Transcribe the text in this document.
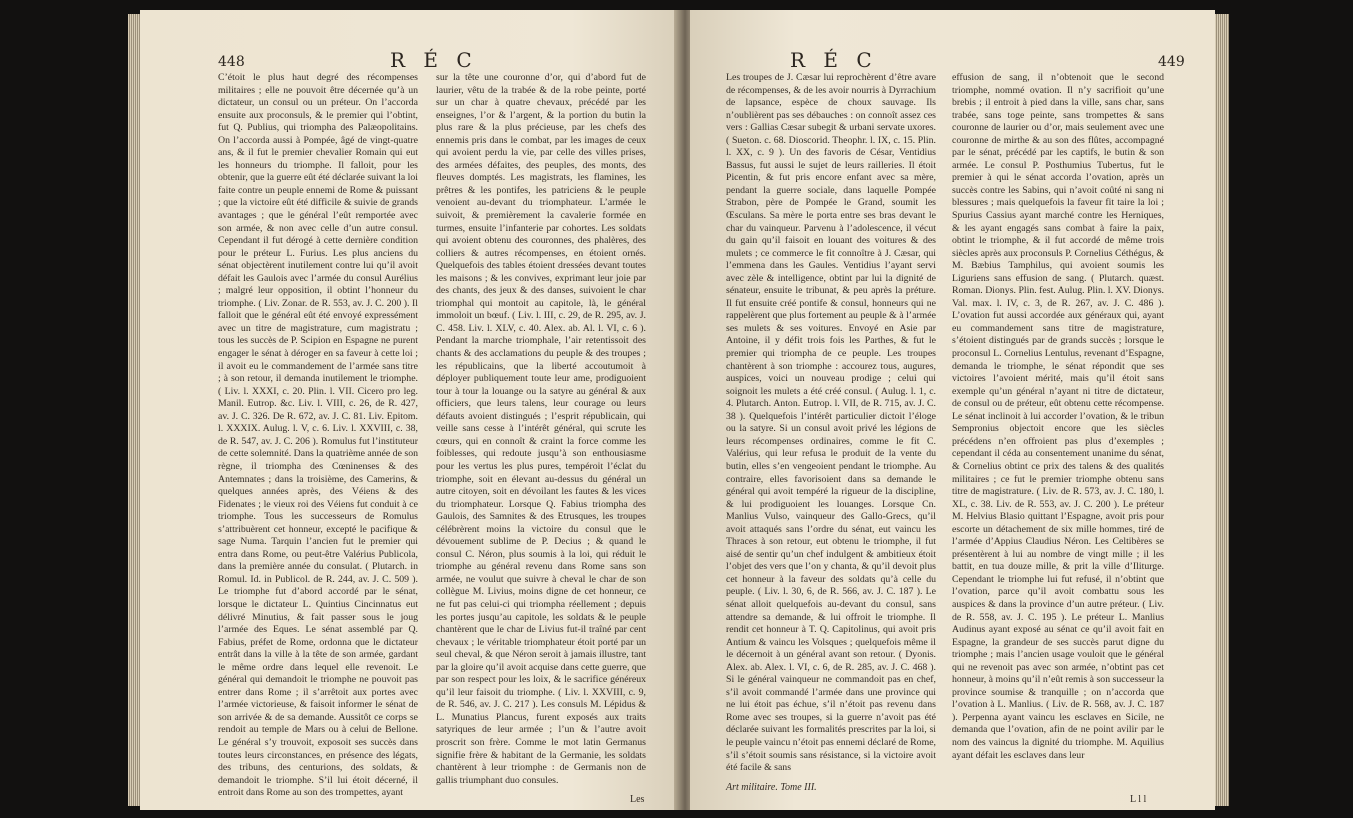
448	R É C

C’étoit le plus haut degré des récompenses militaires ; elle ne pouvoit être décernée qu’à un dictateur, un consul ou un préteur. On l’accorda ensuite aux proconsuls, & le premier qui l’obtint, fut Q. Publius, qui triompha des Palæopolitains. On l’accorda aussi à Pompée, âgé de vingt-quatre ans, & il fut le premier chevalier Romain qui eut les honneurs du triomphe. Il falloit, pour les obtenir, que la guerre eût été déclarée suivant la loi faite contre un peuple ennemi de Rome & puissant ; que la victoire eût été difficile & suivie de grands avantages ; que le général l’eût remportée avec son armée, & non avec celle d’un autre consul. Cependant il fut dérogé à cette dernière condition pour le préteur L. Furius. Les plus anciens du sénat objectèrent inutilement contre lui qu’il avoit défait les Gaulois avec l’armée du consul Aurélius ; malgré leur opposition, il obtint l’honneur du triomphe. ( Liv. Zonar. de R. 553, av. J. C. 200 ). Il falloit que le général eût été envoyé expressément avec un titre de magistrature, cum magistratu ; tous les succès de P. Scipion en Espagne ne purent engager le sénat à déroger en sa faveur à cette loi ; il avoit eu le commandement de l’armée sans titre ; à son retour, il demanda inutilement le triomphe. ( Liv. l. XXXI, c. 20. Plin. l. VII. Cicero pro leg. Manil. Eutrop. &c. Liv. l. VIII, c. 26, de R. 427, av. J. C. 326. De R. 672, av. J. C. 81. Liv. Epitom. l. XXXIX. Aulug. l. V, c. 6. Liv. l. XXVIII, c. 38, de R. 547, av. J. C. 206 ). Romulus fut l’instituteur de cette solemnité. Dans la quatrième année de son règne, il triompha des Cœninenses & des Antemnates ; dans la troisième, des Camerins, & quelques années après, des Véiens & des Fidenates ; le vieux roi des Véiens fut conduit à ce triomphe. Tous les successeurs de Romulus s’attribuèrent cet honneur, excepté le pacifique & sage Numa. Tarquin l’ancien fut le premier qui entra dans Rome, ou peut-être Valérius Publicola, dans la première année du consulat. ( Plutarch. in Romul. Id. in Publicol. de R. 244, av. J. C. 509 ). Le triomphe fut d’abord accordé par le sénat, lorsque le dictateur L. Quintius Cincinnatus eut délivré Minutius, & fait passer sous le joug l’armée des Eques. Le sénat assemblé par Q. Fabius, préfet de Rome, ordonna que le dictateur entrât dans la ville à la tête de son armée, gardant le même ordre dans lequel elle revenoit. Le général qui demandoit le triomphe ne pouvoit pas entrer dans Rome ; il s’arrêtoit aux portes avec l’armée victorieuse, & faisoit informer le sénat de son arrivée & de sa demande. Aussitôt ce corps se rendoit au temple de Mars ou à celui de Bellone. Le général s’y trouvoit, exposoit ses succès dans toutes leurs circonstances, en présence des légats, des tribuns, des centurions, des soldats, & demandoit le triomphe. S’il lui étoit décerné, il entroit dans Rome au son des trompettes, ayant

sur la tête une couronne d’or, qui d’abord fut de laurier, vêtu de la trabée & de la robe peinte, porté sur un char à quatre chevaux, précédé par les enseignes, l’or & l’argent, & la portion du butin la plus rare & la plus précieuse, par les chefs des ennemis pris dans le combat, par les images de ceux qui avoient perdu la vie, par celle des villes prises, des armées défaites, des peuples, des monts, des fleuves domptés. Les magistrats, les flamines, les prêtres & les pontifes, les patriciens & le peuple venoient au-devant du triomphateur. L’armée le suivoit, & premièrement la cavalerie formée en turmes, ensuite l’infanterie par cohortes. Les soldats qui avoient obtenu des couronnes, des phalères, des colliers & autres récompenses, en étoient ornés. Quelquefois des tables étoient dressées devant toutes les maisons ; & les convives, exprimant leur joie par des chants, des jeux & des danses, suivoient le char triomphal qui montoit au capitole, là, le général immoloit un bœuf. ( Liv. l. III, c. 29, de R. 295, av. J. C. 458. Liv. l. XLV, c. 40. Alex. ab. Al. l. VI, c. 6 ). Pendant la marche triomphale, l’air retentissoit des chants & des acclamations du peuple & des troupes ; les républicains, que la liberté accoutumoit à déployer publiquement toute leur ame, prodiguoient tour à tour la louange ou la satyre au général & aux officiers, que leurs talens, leur courage ou leurs défauts avoient distingués ; l’esprit républicain, qui veille sans cesse à l’intérêt général, qui scrute les cœurs, qui en connoît & craint la force comme les foiblesses, qui redoute jusqu’à son enthousiasme pour les vertus les plus pures, tempéroit l’éclat du triomphe, soit en élevant au-dessus du général un autre citoyen, soit en dévoilant les fautes & les vices du triomphateur. Lorsque Q. Fabius triompha des Gaulois, des Samnites & des Etrusques, les troupes célébrèrent moins la victoire du consul que le dévouement sublime de P. Decius ; & quand le consul C. Néron, plus soumis à la loi, qui réduit le triomphe au général revenu dans Rome sans son armée, ne voulut que suivre à cheval le char de son collègue M. Livius, moins digne de cet honneur, ce ne fut pas celui-ci qui triompha réellement ; depuis les portes jusqu’au capitole, les soldats & le peuple chantèrent que le char de Livius fut-il traîné par cent chevaux ; le véritable triomphateur étoit porté par un seul cheval, & que Néron seroit à jamais illustre, tant par la gloire qu’il avoit acquise dans cette guerre, que par son respect pour les loix, & le sacrifice généreux qu’il leur faisoit du triomphe. ( Liv. l. XXVIII, c. 9, de R. 546, av. J. C. 217 ). Les consuls M. Lépidus & L. Munatius Plancus, furent exposés aux traits satyriques de leur armée ; l’un & l’autre avoit proscrit son frère. Comme le mot latin Germanus signifie frère & habitant de la Germanie, les soldats chantèrent à leur triomphe : de Germanis non de gallis triumphant duo consules.

Les
R É C	449

Les troupes de J. Cæsar lui reprochèrent d’être avare de récompenses, & de les avoir nourris à Dyrrachium de lapsance, espèce de choux sauvage. Ils n’oublièrent pas ses débauches : on connoît assez ces vers : Gallias Cæsar subegit & urbani servate uxores. ( Sueton. c. 68. Dioscorid. Theophr. l. IX, c. 15. Plin. l. XX, c. 9 ). Un des favoris de César, Ventidius Bassus, fut aussi le sujet de leurs railleries. Il étoit Picentin, & fut pris encore enfant avec sa mère, pendant la guerre sociale, dans laquelle Pompée Strabon, père de Pompée le Grand, soumit les Œsculans. Sa mère le porta entre ses bras devant le char du vainqueur. Parvenu à l’adolescence, il vécut du gain qu’il faisoit en louant des voitures & des mulets ; ce commerce le fit connoître à J. Cæsar, qui l’emmena dans les Gaules. Ventidius l’ayant servi avec zèle & intelligence, obtint par lui la dignité de sénateur, ensuite le tribunat, & peu après la préture. Il fut ensuite créé pontife & consul, honneurs qui ne rappelèrent que plus fortement au peuple & à l’armée ses mulets & ses voitures. Envoyé en Asie par Antoine, il y défit trois fois les Parthes, & fut le premier qui triompha de ce peuple. Les troupes chantèrent à son triomphe : accourez tous, augures, auspices, voici un nouveau prodige ; celui qui soignoit les mulets a été créé consul. ( Aulug. l. 1, c. 4. Plutarch. Anton. Eutrop. l. VII, de R. 715, av. J. C. 38 ). Quelquefois l’intérêt particulier dictoit l’éloge ou la satyre. Si un consul avoit privé les légions de leurs récompenses ordinaires, comme le fit C. Valérius, qui leur refusa le produit de la vente du butin, elles s’en vengeoient pendant le triomphe. Au contraire, elles favorisoient dans sa demande le général qui avoit tempéré la rigueur de la discipline, & lui prodiguoient les louanges. Lorsque Cn. Manlius Vulso, vainqueur des Gallo-Grecs, qu’il avoit attaqués sans l’ordre du sénat, eut vaincu les Thraces à son retour, eut obtenu le triomphe, il fut aisé de sentir qu’un chef indulgent & ambitieux étoit l’objet des vers que l’on y chanta, & qu’il devoit plus cet honneur à la faveur des soldats qu’à celle du peuple. ( Liv. l. 30, 6, de R. 566, av. J. C. 187 ). Le sénat alloit quelquefois au-devant du consul, sans attendre sa demande, & lui offroit le triomphe. Il rendit cet honneur à T. Q. Capitolinus, qui avoit pris Antium & vaincu les Volsques ; quelquefois même il le décernoit à un général avant son retour. ( Dyonis. Alex. ab. Alex. l. VI, c. 6, de R. 285, av. J. C. 468 ). Si le général vainqueur ne commandoit pas en chef, s’il avoit commandé l’armée dans une province qui ne lui étoit pas échue, s’il n’étoit pas revenu dans Rome avec ses troupes, si la guerre n’avoit pas été déclarée suivant les formalités prescrites par la loi, si le peuple vaincu n’étoit pas ennemi déclaré de Rome, s’il s’étoit soumis sans résistance, si la victoire avoit été facile & sans

effusion de sang, il n’obtenoit que le second triomphe, nommé ovation. Il n’y sacrifioit qu’une brebis ; il entroit à pied dans la ville, sans char, sans trabée, sans toge peinte, sans trompettes & sans couronne de laurier ou d’or, mais seulement avec une couronne de mirthe & au son des flûtes, accompagné par le sénat, précédé par les captifs, le butin & son armée. Le consul P. Posthumius Tubertus, fut le premier à qui le sénat accorda l’ovation, après un succès contre les Sabins, qui n’avoit coûté ni sang ni blessures ; mais quelquefois la faveur fit taire la loi ; Spurius Cassius ayant marché contre les Herniques, & les ayant engagés sans combat à faire la paix, obtint le triomphe, & il fut accordé de même trois siècles après aux proconsuls P. Cornelius Céthégus, & M. Bæbius Tamphilus, qui avoient soumis les Liguriens sans effusion de sang. ( Plutarch. quæst. Roman. Dionys. Plin. fest. Aulug. Plin. l. XV. Dionys. Val. max. l. IV, c. 3, de R. 267, av. J. C. 486 ). L’ovation fut aussi accordée aux généraux qui, ayant eu commandement sans titre de magistrature, s’étoient distingués par de grands succès ; lorsque le proconsul L. Cornelius Lentulus, revenant d’Espagne, demanda le triomphe, le sénat répondit que ses victoires l’avoient mérité, mais qu’il étoit sans exemple qu’un général n’ayant ni titre de dictateur, de consul ou de préteur, eût obtenu cette récompense. Le sénat inclinoit à lui accorder l’ovation, & le tribun Sempronius objectoit encore que les siècles précédens n’en offroient pas plus d’exemples ; cependant il céda au consentement unanime du sénat, & Cornelius obtint ce prix des talens & des qualités militaires ; ce fut le premier triomphe obtenu sans titre de magistrature. ( Liv. de R. 573, av. J. C. 180, l. XL, c. 38. Liv. de R. 553, av. J. C. 200 ). Le préteur M. Helvius Blasio quittant l’Espagne, avoit pris pour escorte un détachement de six mille hommes, tiré de l’armée d’Appius Claudius Néron. Les Celtibères se présentèrent à lui au nombre de vingt mille ; il les battit, en tua douze mille, & prit la ville d’Iliturge. Cependant le triomphe lui fut refusé, il n’obtint que l’ovation, parce qu’il avoit combattu sous les auspices & dans la province d’un autre préteur. ( Liv. de R. 558, av. J. C. 195 ). Le préteur L. Manlius Audinus ayant exposé au sénat ce qu’il avoit fait en Espagne, la grandeur de ses succès parut digne du triomphe ; mais l’ancien usage vouloit que le général qui ne revenoit pas avec son armée, n’obtint pas cet honneur, à moins qu’il n’eût remis à son successeur la province soumise & tranquille ; on n’accorda que l’ovation à L. Manlius. ( Liv. de R. 568, av. J. C. 187 ). Perpenna ayant vaincu les esclaves en Sicile, ne demanda que l’ovation, afin de ne point avilir par le nom des vaincus la dignité du triomphe. M. Aquilius ayant défait les esclaves dans leur

Art militaire. Tome III.
L l l
